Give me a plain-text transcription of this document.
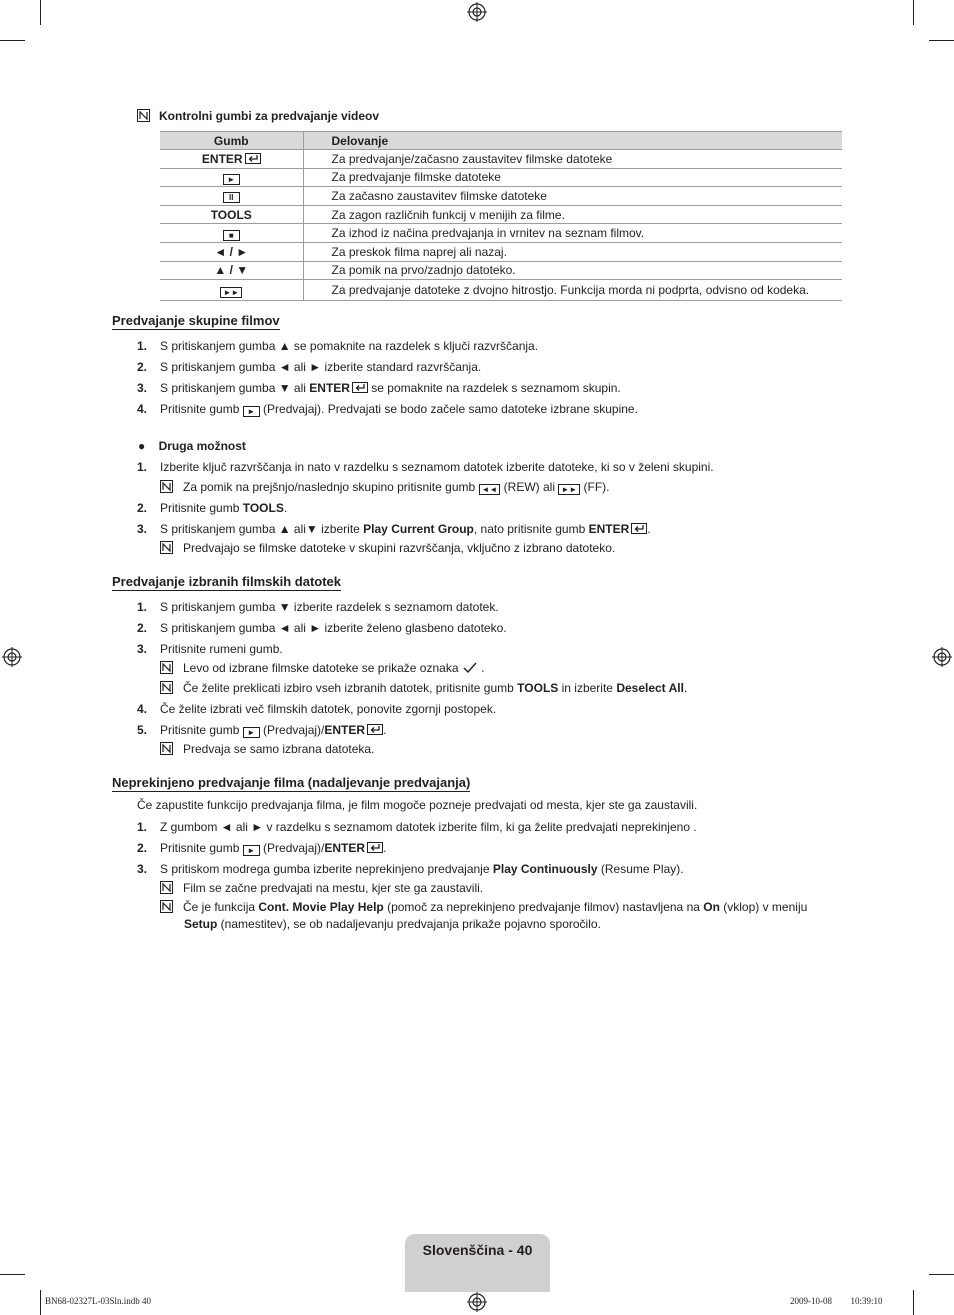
Kontrolni gumbi za predvajanje videov
Gumb	Delovanje
ENTER	Za predvajanje/začasno zaustavitev filmske datoteke
►	Za predvajanje filmske datoteke
II	Za začasno zaustavitev filmske datoteke
TOOLS	Za zagon različnih funkcij v menijih za filme.
■	Za izhod iz načina predvajanja in vrnitev na seznam filmov.
◄ / ►	Za preskok filma naprej ali nazaj.
▲ / ▼	Za pomik na prvo/zadnjo datoteko.
►►	Za predvajanje datoteke z dvojno hitrostjo. Funkcija morda ni podprta, odvisno od kodeka.
Predvajanje skupine filmov
1. S pritiskanjem gumba ▲ se pomaknite na razdelek s ključi razvrščanja.
2. S pritiskanjem gumba ◄ ali ► izberite standard razvrščanja.
3. S pritiskanjem gumba ▼ ali ENTER
se pomaknite na razdelek s seznamom skupin.
4. Pritisnite gumb ► (Predvajaj). Predvajati se bodo začele samo datoteke izbrane skupine.
●    Druga možnost
1. Izberite ključ razvrščanja in nato v razdelku s seznamom datotek izberite datoteke, ki so v želeni skupini.
Za pomik na prejšnjo/naslednjo skupino pritisnite gumb ◄◄ (REW) ali ►► (FF).
2. Pritisnite gumb TOOLS.
3. S pritiskanjem gumba ▲ ali▼ izberite Play Current Group, nato pritisnite gumb ENTER .
Predvajajo se filmske datoteke v skupini razvrščanja, vključno z izbrano datoteko.
Predvajanje izbranih filmskih datotek
1. S pritiskanjem gumba ▼ izberite razdelek s seznamom datotek.
2. S pritiskanjem gumba ◄ ali ► izberite želeno glasbeno datoteko.
3. Pritisnite rumeni gumb.
Levo od izbrane filmske datoteke se prikaže oznaka  .
Če želite preklicati izbiro vseh izbranih datotek, pritisnite gumb TOOLS in izberite Deselect All.
4. Če želite izbrati več filmskih datotek, ponovite zgornji postopek.
5. Pritisnite gumb ► (Predvajaj)/ENTER .
Predvaja se samo izbrana datoteka.
Neprekinjeno predvajanje filma (nadaljevanje predvajanja)
Če zapustite funkcijo predvajanja filma, je film mogoče pozneje predvajati od mesta, kjer ste ga zaustavili.
1. Z gumbom ◄ ali ► v razdelku s seznamom datotek izberite film, ki ga želite predvajati neprekinjeno .
2. Pritisnite gumb ► (Predvajaj)/ENTER .
3. S pritiskom modrega gumba izberite neprekinjeno predvajanje Play Continuously (Resume Play).
Film se začne predvajati na mestu, kjer ste ga zaustavili.
Če je funkcija Cont. Movie Play Help (pomoč za neprekinjeno predvajanje filmov) nastavljena na On (vklop) v meniju
Setup (namestitev), se ob nadaljevanju predvajanja prikaže pojavno sporočilo.
Slovenščina - 40
BN68-02327L-03Sln.indb 40	2009-10-08 ￿￿ 10:39:10
